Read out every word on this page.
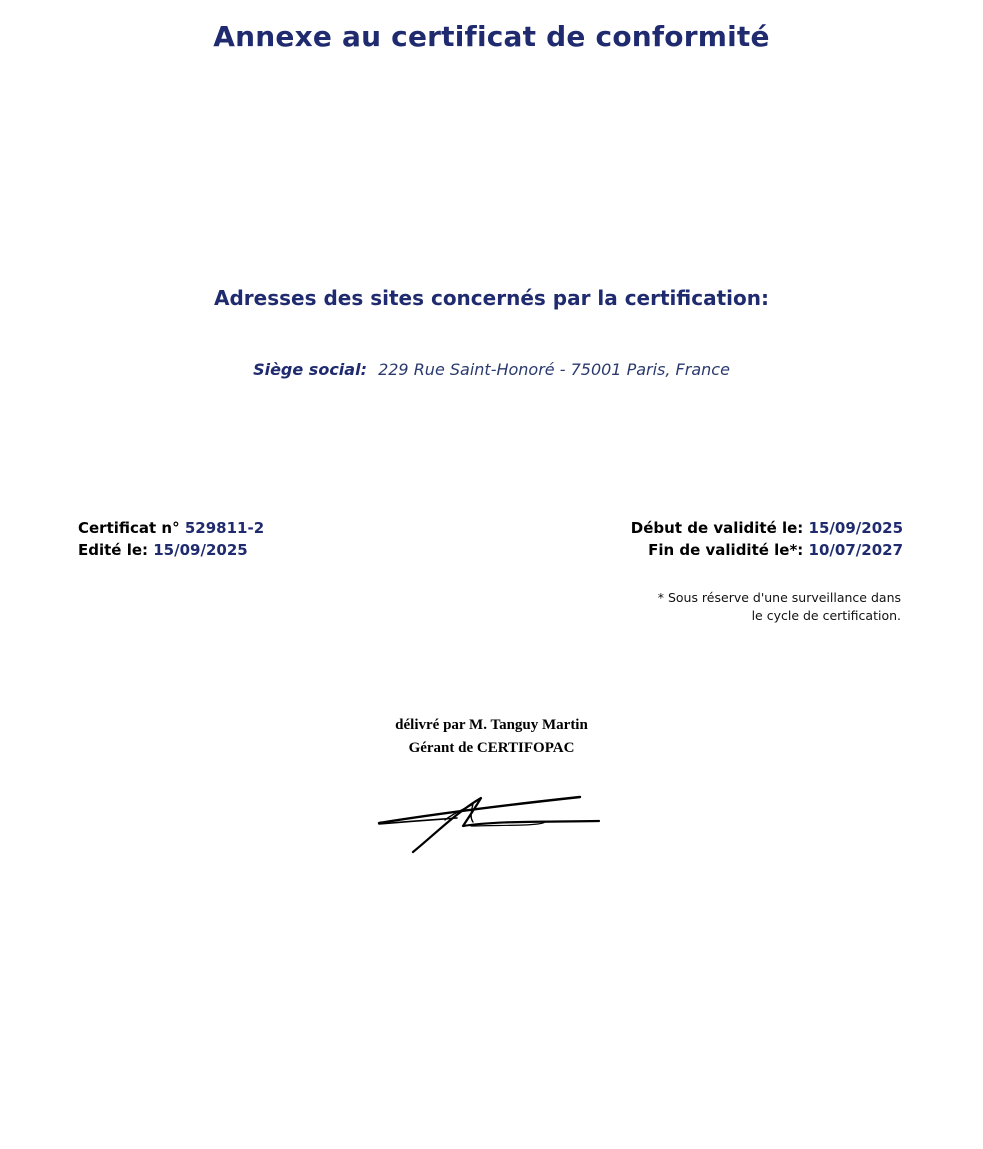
Annexe au certificat de conformité
Adresses des sites concernés par la certification:
Siège social: 229 Rue Saint-Honoré - 75001 Paris, France
Certificat n° 529811-2
Edité le: 15/09/2025
Début de validité le: 15/09/2025
Fin de validité le*: 10/07/2027
* Sous réserve d'une surveillance dans
le cycle de certification.
délivré par M. Tanguy Martin
Gérant de CERTIFOPAC
